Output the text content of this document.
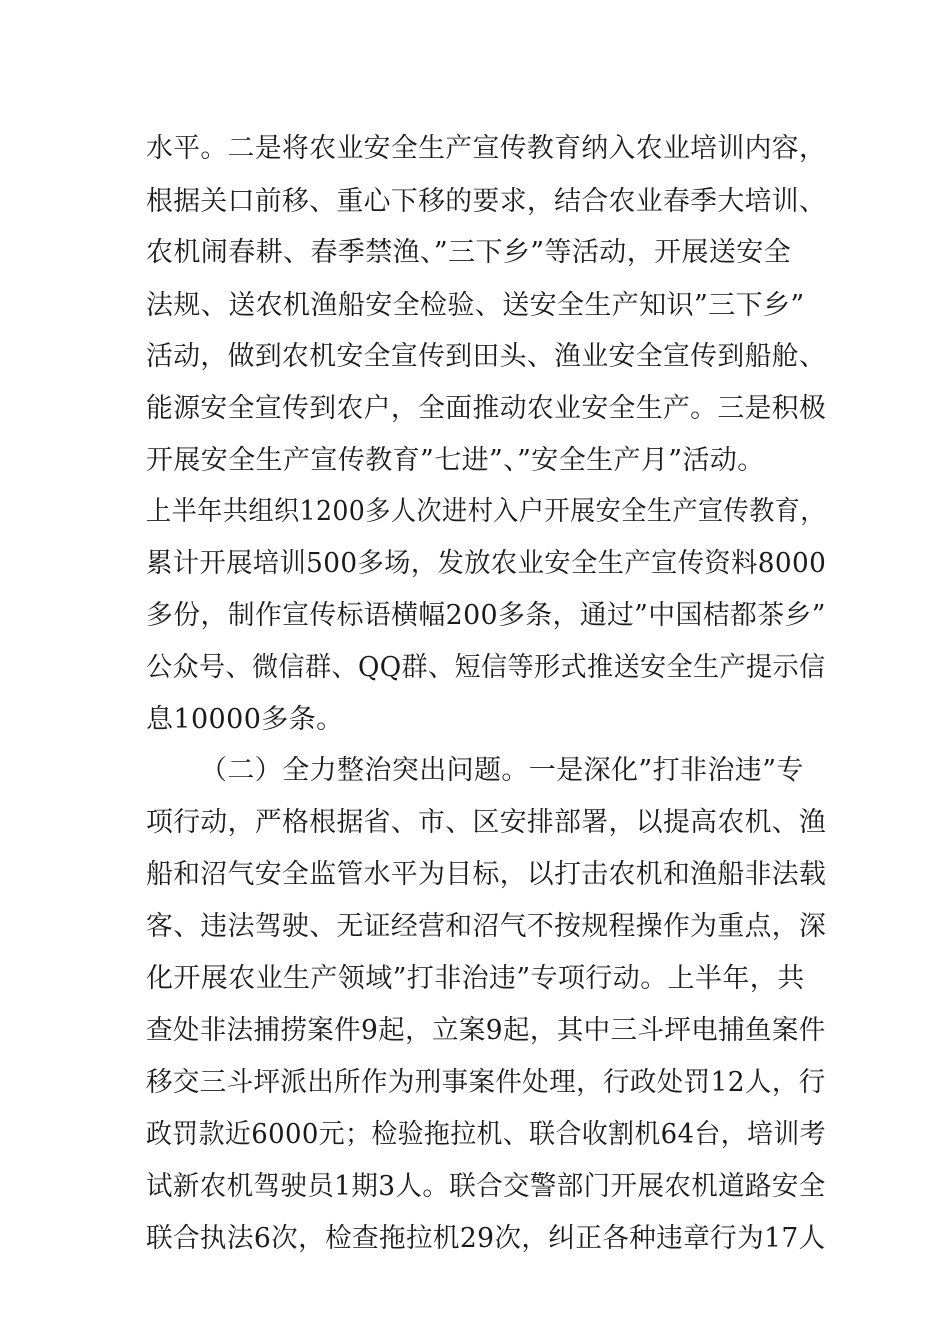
水平。二是将农业安全生产宣传教育纳入农业培训内容，
根据关口前移、重心下移的要求，结合农业春季大培训、
农机闹春耕、春季禁渔、”三下乡”等活动，开展送安全
法规、送农机渔船安全检验、送安全生产知识”三下乡”
活动，做到农机安全宣传到田头、渔业安全宣传到船舱、
能源安全宣传到农户，全面推动农业安全生产。三是积极
开展安全生产宣传教育”七进”、”安全生产月”活动。
上半年共组织1200多人次进村入户开展安全生产宣传教育，
累计开展培训500多场，发放农业安全生产宣传资料8000
多份，制作宣传标语横幅200多条，通过”中国桔都茶乡”
公众号、微信群、QQ群、短信等形式推送安全生产提示信
息10000多条。
（二）全力整治突出问题。一是深化”打非治违”专
项行动，严格根据省、市、区安排部署，以提高农机、渔
船和沼气安全监管水平为目标，以打击农机和渔船非法载
客、违法驾驶、无证经营和沼气不按规程操作为重点，深
化开展农业生产领域”打非治违”专项行动。上半年，共
查处非法捕捞案件9起，立案9起，其中三斗坪电捕鱼案件
移交三斗坪派出所作为刑事案件处理，行政处罚12人，行
政罚款近6000元；检验拖拉机、联合收割机64台，培训考
试新农机驾驶员1期3人。联合交警部门开展农机道路安全
联合执法6次，检查拖拉机29次，纠正各种违章行为17人
